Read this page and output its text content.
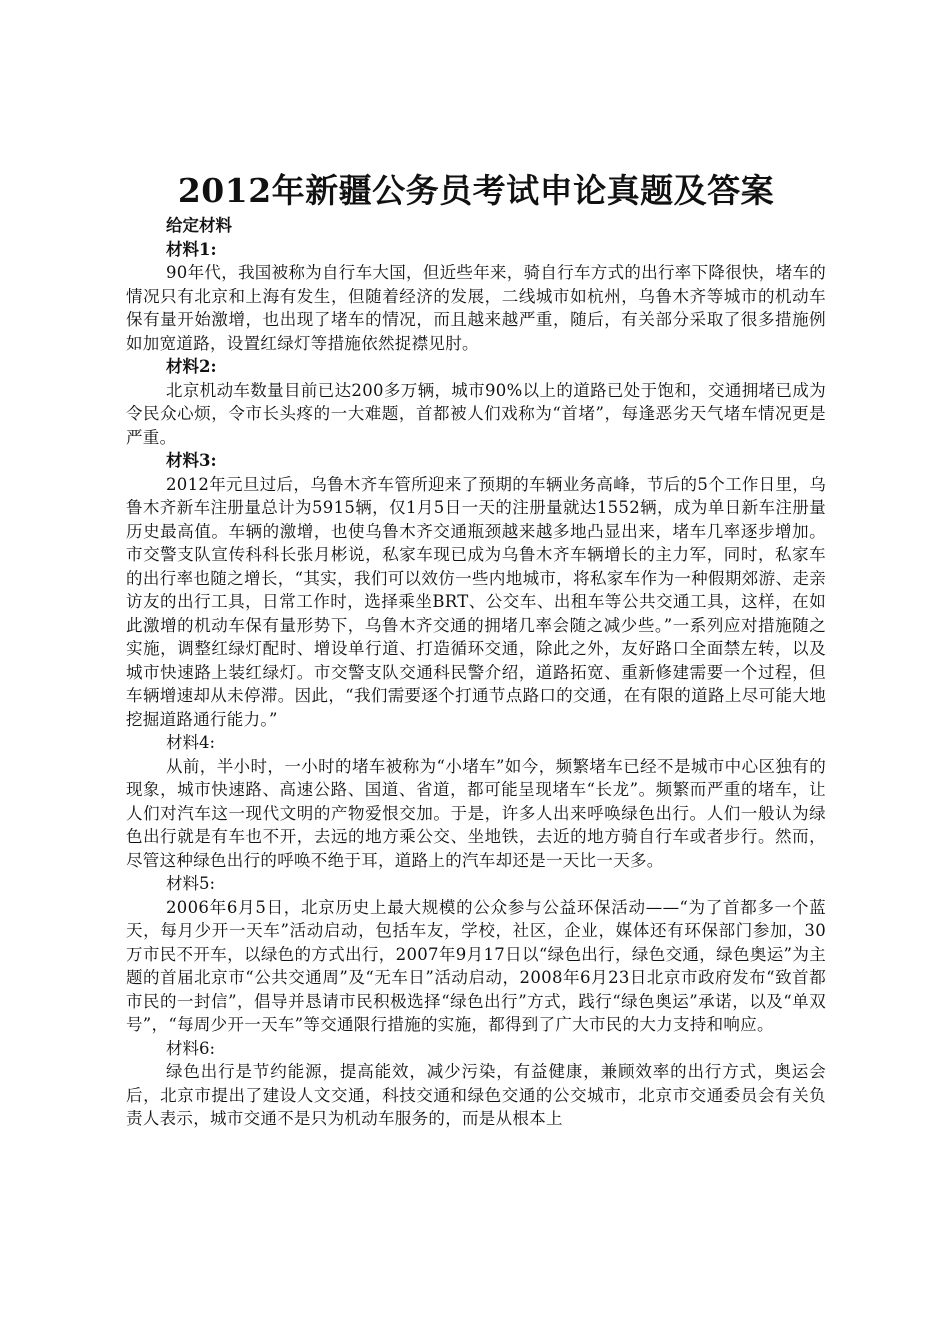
2012年新疆公务员考试申论真题及答案

给定材料

材料1:

90年代，我国被称为自行车大国，但近些年来，骑自行车方式的出行率下降很快，堵车的情况只有北京和上海有发生，但随着经济的发展，二线城市如杭州，乌鲁木齐等城市的机动车保有量开始激增，也出现了堵车的情况，而且越来越严重，随后，有关部分采取了很多措施例如加宽道路，设置红绿灯等措施依然捉襟见肘。

材料2:

北京机动车数量目前已达200多万辆，城市90%以上的道路已处于饱和，交通拥堵已成为令民众心烦，令市长头疼的一大难题，首都被人们戏称为“首堵”，每逢恶劣天气堵车情况更是严重。

材料3:

2012年元旦过后，乌鲁木齐车管所迎来了预期的车辆业务高峰，节后的5个工作日里，乌鲁木齐新车注册量总计为5915辆，仅1月5日一天的注册量就达1552辆，成为单日新车注册量历史最高值。车辆的激增，也使乌鲁木齐交通瓶颈越来越多地凸显出来，堵车几率逐步增加。市交警支队宣传科科长张月彬说，私家车现已成为乌鲁木齐车辆增长的主力军，同时，私家车的出行率也随之增长，“其实，我们可以效仿一些内地城市，将私家车作为一种假期郊游、走亲访友的出行工具，日常工作时，选择乘坐BRT、公交车、出租车等公共交通工具，这样，在如此激增的机动车保有量形势下，乌鲁木齐交通的拥堵几率会随之减少些。”一系列应对措施随之实施，调整红绿灯配时、增设单行道、打造循环交通，除此之外，友好路口全面禁左转，以及城市快速路上装红绿灯。市交警支队交通科民警介绍，道路拓宽、重新修建需要一个过程，但车辆增速却从未停滞。因此，“我们需要逐个打通节点路口的交通，在有限的道路上尽可能大地挖掘道路通行能力。”

材料4:

从前，半小时，一小时的堵车被称为“小堵车”如今，频繁堵车已经不是城市中心区独有的现象，城市快速路、高速公路、国道、省道，都可能呈现堵车“长龙”。频繁而严重的堵车，让人们对汽车这一现代文明的产物爱恨交加。于是，许多人出来呼唤绿色出行。人们一般认为绿色出行就是有车也不开，去远的地方乘公交、坐地铁，去近的地方骑自行车或者步行。然而，尽管这种绿色出行的呼唤不绝于耳，道路上的汽车却还是一天比一天多。

材料5:

2006年6月5日，北京历史上最大规模的公众参与公益环保活动——“为了首都多一个蓝天，每月少开一天车”活动启动，包括车友，学校，社区，企业，媒体还有环保部门参加，30万市民不开车，以绿色的方式出行，2007年9月17日以“绿色出行，绿色交通，绿色奥运”为主题的首届北京市“公共交通周”及“无车日”活动启动，2008年6月23日北京市政府发布“致首都市民的一封信”，倡导并恳请市民积极选择“绿色出行”方式，践行“绿色奥运”承诺，以及“单双号”，“每周少开一天车”等交通限行措施的实施，都得到了广大市民的大力支持和响应。

材料6:

绿色出行是节约能源，提高能效，减少污染，有益健康，兼顾效率的出行方式，奥运会后，北京市提出了建设人文交通，科技交通和绿色交通的公交城市，北京市交通委员会有关负责人表示，城市交通不是只为机动车服务的，而是从根本上
